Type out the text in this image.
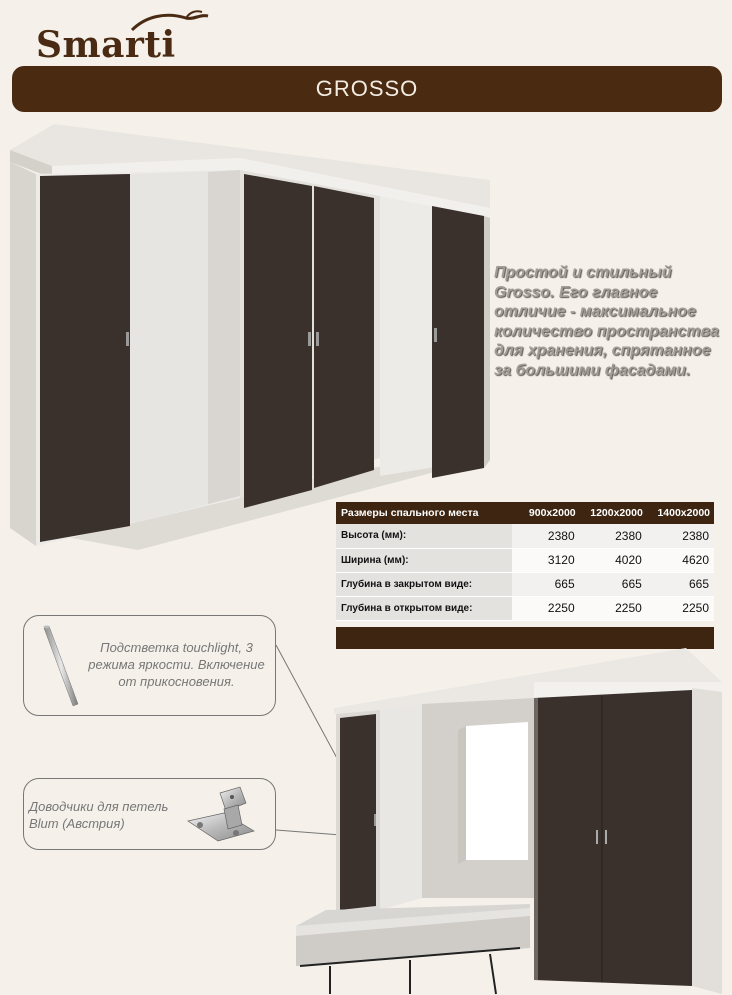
Smarti
GROSSO
Простой и стильный
Grosso. Его главное
отличие - максимальное
количество пространства
для хранения, спрятанное
за большими фасадами.
Размеры спального места	900х2000	1200х2000	1400х2000
Высота (мм):	2380	2380	2380
Ширина (мм):	3120	4020	4620
Глубина в закрытом виде:	665	665	665
Глубина в открытом виде:	2250	2250	2250
Подстветка touchlight, 3
режима яркости. Включение
от прикосновения.
Доводчики для петель
Blum (Австрия)
